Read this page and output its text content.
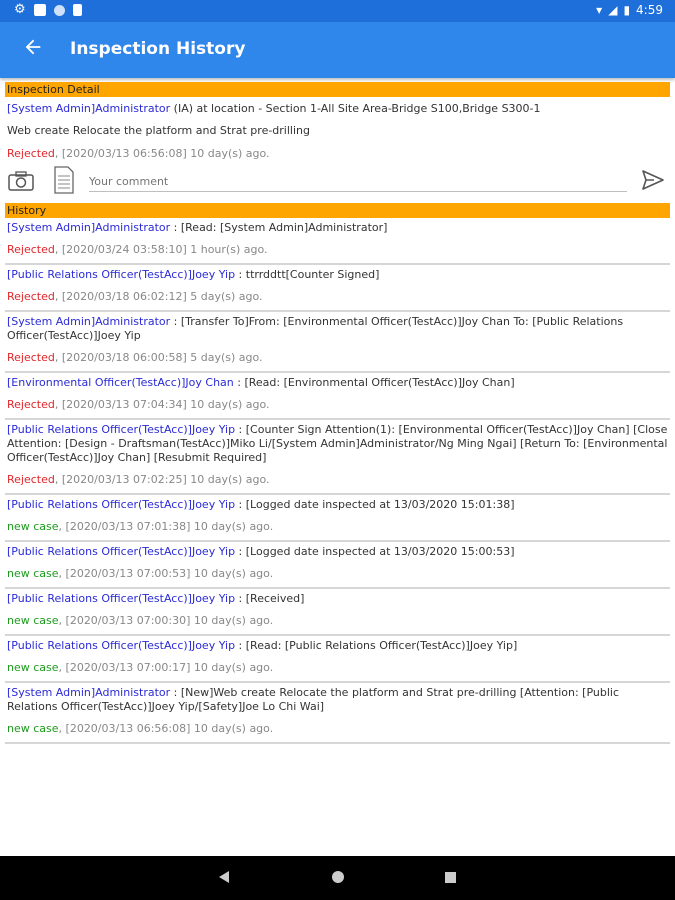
⚙	▾ ◢ ▮ 4:59
Inspection History
Inspection Detail
[System Admin]Administrator (IA) at location - Section 1-All Site Area-Bridge S100,Bridge S300-1
Web create Relocate the platform and Strat pre-drilling
Rejected, [2020/03/13 06:56:08] 10 day(s) ago.
Your comment
History
[System Admin]Administrator : [Read: [System Admin]Administrator]
Rejected, [2020/03/24 03:58:10] 1 hour(s) ago.
[Public Relations Officer(TestAcc)]Joey Yip : ttrrddtt[Counter Signed]
Rejected, [2020/03/18 06:02:12] 5 day(s) ago.
[System Admin]Administrator : [Transfer To]From: [Environmental Officer(TestAcc)]Joy Chan To: [Public Relations Officer(TestAcc)]Joey Yip
Rejected, [2020/03/18 06:00:58] 5 day(s) ago.
[Environmental Officer(TestAcc)]Joy Chan : [Read: [Environmental Officer(TestAcc)]Joy Chan]
Rejected, [2020/03/13 07:04:34] 10 day(s) ago.
[Public Relations Officer(TestAcc)]Joey Yip : [Counter Sign Attention(1): [Environmental Officer(TestAcc)]Joy Chan] [Close Attention: [Design - Draftsman(TestAcc)]Miko Li/[System Admin]Administrator/Ng Ming Ngai] [Return To: [Environmental Officer(TestAcc)]Joy Chan] [Resubmit Required]
Rejected, [2020/03/13 07:02:25] 10 day(s) ago.
[Public Relations Officer(TestAcc)]Joey Yip : [Logged date inspected at 13/03/2020 15:01:38]
new case, [2020/03/13 07:01:38] 10 day(s) ago.
[Public Relations Officer(TestAcc)]Joey Yip : [Logged date inspected at 13/03/2020 15:00:53]
new case, [2020/03/13 07:00:53] 10 day(s) ago.
[Public Relations Officer(TestAcc)]Joey Yip : [Received]
new case, [2020/03/13 07:00:30] 10 day(s) ago.
[Public Relations Officer(TestAcc)]Joey Yip : [Read: [Public Relations Officer(TestAcc)]Joey Yip]
new case, [2020/03/13 07:00:17] 10 day(s) ago.
[System Admin]Administrator : [New]Web create Relocate the platform and Strat pre-drilling [Attention: [Public Relations Officer(TestAcc)]Joey Yip/[Safety]Joe Lo Chi Wai]
new case, [2020/03/13 06:56:08] 10 day(s) ago.
